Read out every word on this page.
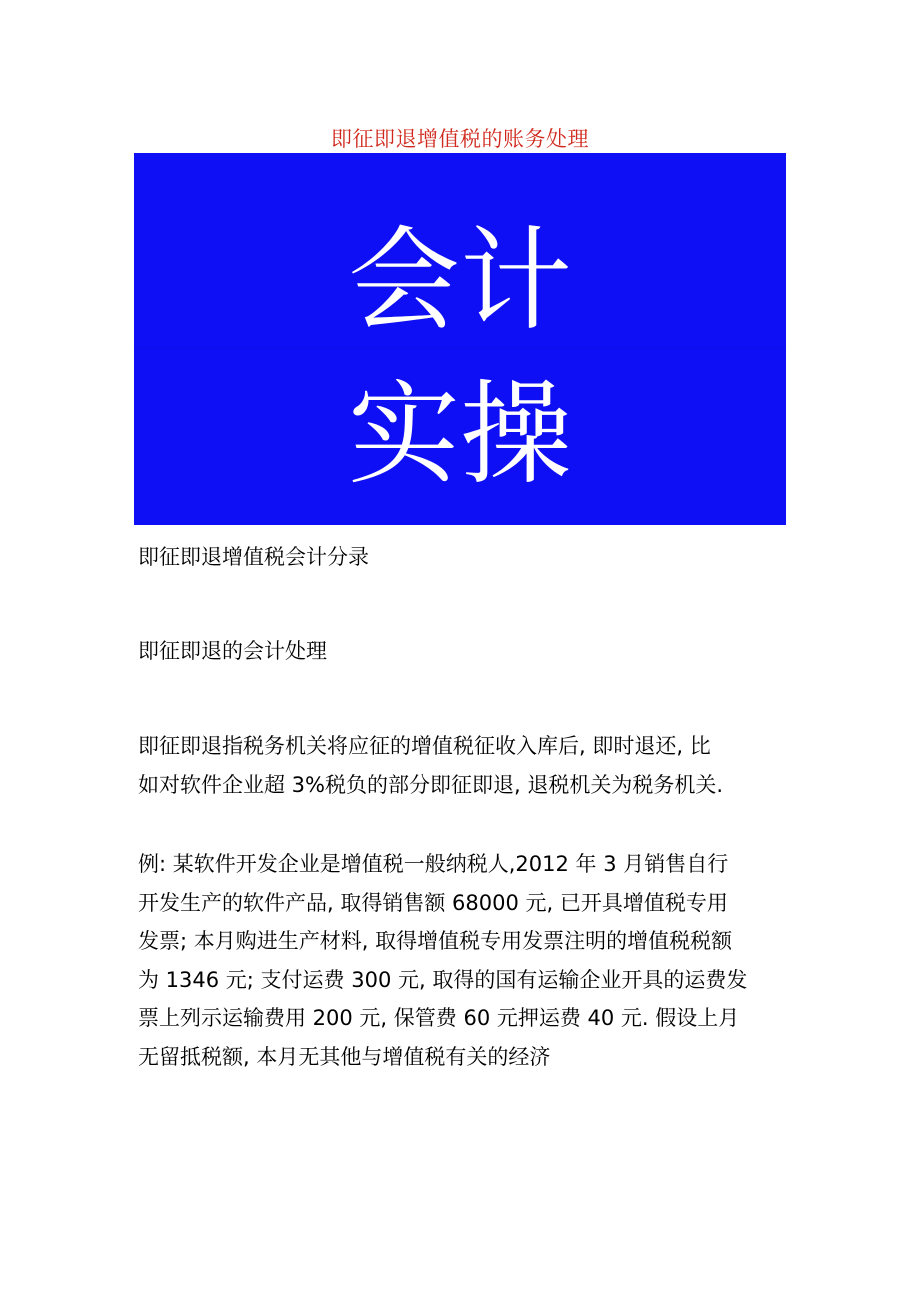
即征即退增值税的账务处理
会计
实操
即征即退增值税会计分录
即征即退的会计处理
即征即退指税务机关将应征的增值税征收入库后, 即时退还, 比
如对软件企业超 3%税负的部分即征即退, 退税机关为税务机关.
例: 某软件开发企业是增值税一般纳税人,2012 年 3 月销售自行
开发生产的软件产品, 取得销售额 68000 元, 已开具增值税专用
发票; 本月购进生产材料, 取得增值税专用发票注明的增值税税额
为 1346 元; 支付运费 300 元, 取得的国有运输企业开具的运费发
票上列示运输费用 200 元, 保管费 60 元押运费 40 元. 假设上月
无留抵税额, 本月无其他与增值税有关的经济
